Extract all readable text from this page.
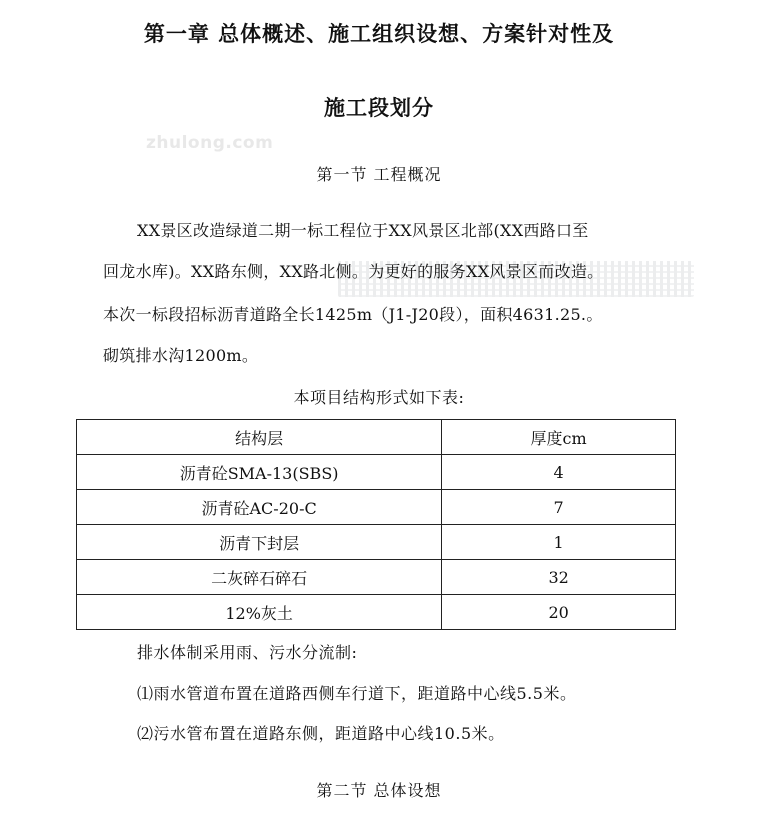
第一章 总体概述、施工组织设想、方案针对性及
施工段划分
zhulong.com
第一节 工程概况
XX景区改造绿道二期一标工程位于XX风景区北部(XX西路口至
回龙水库)。XX路东侧，XX路北侧。为更好的服务XX风景区而改造。
本次一标段招标沥青道路全长1425m（J1-J20段），面积4631.25.。
砌筑排水沟1200m。
本项目结构形式如下表:
结构层	厚度cm
沥青砼SMA-13(SBS)	4
沥青砼AC-20-C	7
沥青下封层	1
二灰碎石碎石	32
12%灰土	20
排水体制采用雨、污水分流制:
⑴雨水管道布置在道路西侧车行道下，距道路中心线5.5米。
⑵污水管布置在道路东侧，距道路中心线10.5米。
第二节 总体设想
